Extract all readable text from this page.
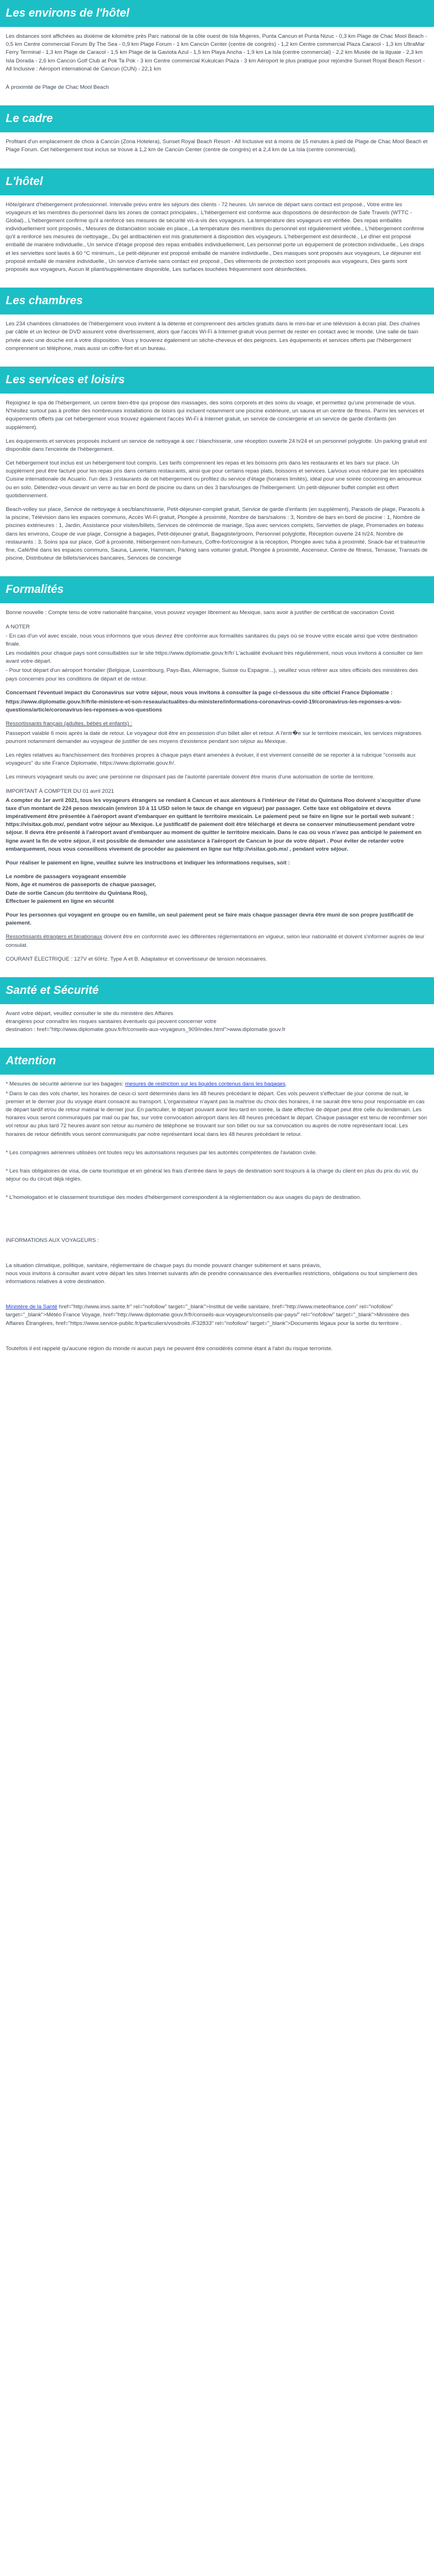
Les environs de l'hôtel

Les distances sont affichées au dixième de kilomètre près Parc national de la côte ouest de Isla Mujeres, Punta Cancun et Punta Nizuc - 0,3 km Plage de Chac Mool Beach - 0,5 km Centre commercial Forum By The Sea - 0,9 km Plage Forum - 1 km Cancún Center (centre de congrès) - 1,2 km Centre commercial Plaza Caracol - 1,3 km UltraMar Ferry Terminal - 1,3 km Plage de Caracol - 1,5 km Plage de la Gaviota Azul - 1,5 km Playa Ancha - 1,9 km La Isla (centre commercial) - 2,2 km Musée de la ilquaie - 2,3 km Isla Dorada - 2,6 km Cancún Golf Club at Pok Ta Pok - 3 km Centre commercial Kukulcan Plaza - 3 km Aéroport le plus pratique pour rejoindre Sunset Royal Beach Resort - All Inclusive : Aéroport international de Cancun (CUN) - 22,1 km

À proximité de Plage de Chac Mool Beach

Le cadre

Profitant d'un emplacement de choix à Cancún (Zona Hotelera), Sunset Royal Beach Resort - All Inclusive est à moins de 15 minutes à pied de Plage de Chac Mool Beach et Plage Forum. Cet hébergement tout inclus se trouve à 1,2 km de Cancún Center (centre de congrès) et à 2,4 km de La Isla (centre commercial).

L'hôtel

Hôte/gérant d'hébergement professionnel. Intervalle prévu entre les séjours des clients - 72 heures. Un service de départ sans contact est proposé., Votre entre les voyageurs et les membres du personnel dans les zones de contact principales., L'hébergement est conforme aux dispositions de désinfection de Safe Travels (WTTC - Global)., L'hébergement confirme qu'il a renforcé ses mesures de sécurité vis-à-vis des voyageurs. La température des voyageurs est vérifiée. Des repas emballés individuellement sont proposés., Mesures de distanciation sociale en place., La température des membres du personnel est régulièrement vérifiée., L'hébergement confirme qu'il a renforcé ses mesures de nettoyage., Du gel antibactérien est mis gratuitement à disposition des voyageurs. L'hébergement est désinfecté., Le dîner est proposé emballé de manière individuelle., Un service d'étage proposé des repas emballés individuellement, Les personnel porte un équipement de protection individuelle., Les draps et les serviettes sont lavés à 60 °C minimum., Le petit-déjeuner est proposé emballé de manière individuelle., Des masques sont proposés aux voyageurs, Le déjeuner est proposé emballé de manière individuelle., Un service d'arrivée sans contact est proposé., Des vêtements de protection sont proposés aux voyageurs, Des gants sont proposés aux voyageurs, Aucun lit pliant/supplémentaire disponible, Les surfaces touchées fréquemment sont désinfectées.

Les chambres

Les 234 chambres climatisées de l'hébergement vous invitent à la détente et comprennent des articles gratuits dans le mini-bar et une télévision à écran plat. Des chaînes par câble et un lecteur de DVD assurent votre divertissement, alors que l'accès Wi-Fi à Internet gratuit vous permet de rester en contact avec le monde. Une salle de bain privée avec une douche est à votre disposition. Vous y trouverez également un sèche-cheveux et des peignoirs. Les équipements et services offerts par l'hébergement comprennent un téléphone, mais aussi un coffre-fort et un bureau.

Les services et loisirs

Rejoignez le spa de l'hébergement, un centre bien-être qui propose des massages, des soins corporels et des soins du visage, et permettez qu'une promenade de vous. N'hésitez surtout pas à profiter des nombreuses installations de loisirs qui incluent notamment une piscine extérieure, un sauna et un centre de fitness. Parmi les services et équipements offerts par cet hébergement vous trouvez également l'accès Wi-Fi à Internet gratuit, un service de conciergerie et un service de garde d'enfants (en supplément).

Les équipements et services proposés incluent un service de nettoyage à sec / blanchisserie, une réception ouverte 24 h/24 et un personnel polyglotte. Un parking gratuit est disponible dans l'enceinte de l'hébergement.

Cet hébergement tout inclus est un hébergement tout compris. Les tarifs comprennent les repas et les boissons pris dans les restaurants et les bars sur place. Un supplément peut être facturé pour les repas pris dans certains restaurants, ainsi que pour certains repas plats, boissons et services. La/vous vous réduire par les spécialités Cuisine internationale de Acuario. l'un des 3 restaurants de cet hébergement ou profitez du service d'étage (horaires limités), idéal pour une soirée cocooning en amoureux ou en solo. Détendez-vous devant un verre au bar en bord de piscine ou dans un des 3 bars/lounges de l'hébergement. Un petit-déjeuner buffet complet est offert quotidiennement.

Beach-volley sur place, Service de nettoyage à sec/blanchisserie, Petit-déjeuner-complet gratuit, Service de garde d'enfants (en supplément), Parasols de plage, Parasols à la piscine, Télévision dans les espaces communs, Accès Wi-Fi gratuit, Plongée à proximité, Nombre de bars/salons : 3, Nombre de bars en bord de piscine : 1, Nombre de piscines extérieures : 1, Jardin, Assistance pour visites/billets, Services de cérémonie de mariage, Spa avec services complets, Serviettes de plage, Promenades en bateau dans les environs, Coupe de vue plage, Consigne à bagages, Petit-déjeuner gratuit, Bagagiste/groom, Personnel polyglotte, Réception ouverte 24 h/24, Nombre de restaurants : 3, Soins spa sur place, Golf à proximité, Hébergement non-fumeurs, Coffre-fort/consigne à la réception, Plongée avec tuba à proximité, Snack-bar et traiteur/rie fine, Café/thé dans les espaces communs, Sauna, Laverie, Hammam, Parking sans voiturier gratuit, Plongée à proximité, Ascenseur, Centre de fitness, Terrasse, Transats de piscine, Distributeur de billets/services bancaires, Services de concierge

Formalités

Bonne nouvelle : Compte tenu de votre nationalité française, vous pouvez voyager librement au Mexique, sans avoir à justifier de certificat de vaccination Covid.

A NOTER

- En cas d'un vol avec escale, nous vous informons que vous devrez être conforme aux formalités sanitaires du pays où se trouve votre escale ainsi que votre destination finale.

Les modalités pour chaque pays sont consultables sur le site https://www.diplomatie.gouv.fr/fr/ L'actualité évoluant très régulièrement, nous vous invitons à consulter ce lien avant votre départ.

- Pour tout départ d'un aéroport frontalier (Belgique, Luxembourg, Pays-Bas, Allemagne, Suisse ou Espagne...), veuillez vous référer aux sites officiels des ministères des pays concernés pour les conditions de départ et de retour.

Concernant l'éventuel impact du Coronavirus sur votre séjour, nous vous invitons à consulter la page ci-dessous du site officiel France Diplomatie :

https://www.diplomatie.gouv.fr/fr/le-ministere-et-son-reseau/actualites-du-ministere/informations-coronavirus-covid-19/coronavirus-les-reponses-a-vos-questions/article/coronavirus-les-reponses-a-vos-questions

Ressortissants français (adultes, bébés et enfants) :

Passeport valable 6 mois après la date de retour. Le voyageur doit être en possession d'un billet aller et retour. A l'entr�e sur le territoire mexicain, les services migratoires pourront notamment demander au voyageur de justifier de ses moyens d'existence pendant son séjour au Mexique.

Les règles relatives au franchissement des frontières propres à chaque pays étant amenées à évoluer, il est vivement conseillé de se reporter à la rubrique "conseils aux voyageurs" du site France Diplomatie, https://www.diplomatie.gouv.fr/.

Les mineurs voyageant seuls ou avec une personne ne disposant pas de l'autorité parentale doivent être munis d'une autorisation de sortie de territoire.

IMPORTANT À COMPTER DU 01 avril 2021

A compter du 1er avril 2021, tous les voyageurs étrangers se rendant à Cancun et aux alentours à l'intérieur de l'état du Quintana Roo doivent s'acquitter d'une taxe d'un montant de 224 pesos mexicain (environ 10 à 11 USD selon le taux de change en vigueur) par passager. Cette taxe est obligatoire et devra impérativement être présentée à l'aéroport avant d'embarquer en quittant le territoire mexicain. Le paiement peut se faire en ligne sur le portail web suivant : https://visitax.gob.mx/, pendant votre séjour au Mexique. Le justificatif de paiement doit être téléchargé et devra se conserver minutieusement pendant votre séjour. Il devra être présenté à l'aéroport avant d'embarquer au moment de quitter le territoire mexicain. Dans le cas où vous n'avez pas anticipé le paiement en ligne avant la fin de votre séjour, il est possible de demander une assistance à l'aéroport de Cancun le jour de votre départ . Pour éviter de retarder votre embarquement, nous vous conseillons vivement de procéder au paiement en ligne sur http://visitax.gob.mx/ , pendant votre séjour.

Pour réaliser le paiement en ligne, veuillez suivre les instructions et indiquer les informations requises, soit :

Le nombre de passagers voyageant ensemble

Nom, âge et numéros de passeports de chaque passager,

Date de sortie Cancun (du territoire du Quintana Roo),

Effectuer le paiement en ligne en sécurité

Pour les personnes qui voyagent en groupe ou en famille, un seul paiement peut se faire mais chaque passager devra être muni de son propre justificatif de paiement.

Ressortissants étrangers et binationaux doivent être en conformité avec les différentes réglementations en vigueur, selon leur nationalité et doivent s'informer auprès de leur consulat.

COURANT ÉLECTRIQUE : 127V et 60Hz. Type A et B. Adaptateur et convertisseur de tension nécessaires.

Santé et Sécurité

Avant votre départ, veuillez consulter le site du ministère des Affaires

étrangères pour connaître les risques sanitaires éventuels qui peuvent concerner votre

destination : href="http://www.diplomatie.gouv.fr/fr/conseils-aux-voyageurs_909/index.html">www.diplomatie.gouv.fr

Attention

* Mesures de sécurité aérienne sur les bagages: mesures de restriction sur les liquides contenus dans les bagages.

* Dans le cas des vols charter, les horaires de ceux-ci sont déterminés dans les 48 heures précédant le départ. Ces vols peuvent s'effectuer de jour comme de nuit, le premier et le dernier jour du voyage étant consacré au transport. L'organisateur n'ayant pas la maîtrise du choix des horaires, il ne saurait être tenu pour responsable en cas de départ tardif et/ou de retour matinal le dernier jour. En particulier, le départ pouvant avoir lieu tard en soirée, la date effective de départ peut être celle du lendemain. Les horaires vous seront communiqués par mail ou par fax, sur votre convocation aéroport dans les 48 heures précédant le départ. Chaque passager est tenu de reconfirmer son vol retour au plus tard 72 heures avant son retour au numéro de téléphone se trouvant sur son billet ou sur sa convocation ou auprès de notre représentant local. Les horaires de retour définitifs vous seront communiqués par notre représentant local dans les 48 heures précédant le retour.

* Les compagnies aériennes utilisées ont toutes reçu les autorisations requises par les autorités compétentes de l'aviation civile.

* Les frais obligatoires de visa, de carte touristique et en général les frais d'entrée dans le pays de destination sont toujours à la charge du client en plus du prix du vol, du séjour ou du circuit déjà réglés.

* L'homologation et le classement touristique des modes d'hébergement correspondent à la réglementation ou aux usages du pays de destination.

INFORMATIONS AUX VOYAGEURS :

La situation climatique, politique, sanitaire, réglementaire de chaque pays du monde pouvant changer subitement et sans préavis,

nous vous invitons à consulter avant votre départ les sites Internet suivants afin de prendre connaissance des éventuelles restrictions, obligations ou tout simplement des informations relatives à votre destination.

Ministère de la Santé href="http://www.invs.sante.fr" rel="nofollow" target="_blank">Institut de veille sanitaire, href="http://www.meteofrance.com" rel="nofollow" target="_blank">Météo France Voyage, href="http://www.diplomatie.gouv.fr/fr/conseils-aux-voyageurs/conseils-par-pays/" rel="nofollow" target="_blank">Ministère des Affaires Étrangères, href="https://www.service-public.fr/particuliers/vosdroits /F32833" rel="nofollow" target="_blank">Documents légaux pour la sortie du territoire .

Toutefois il est rappelé qu'aucune région du monde ni aucun pays ne peuvent être considérés comme étant à l'abri du risque terroriste.
